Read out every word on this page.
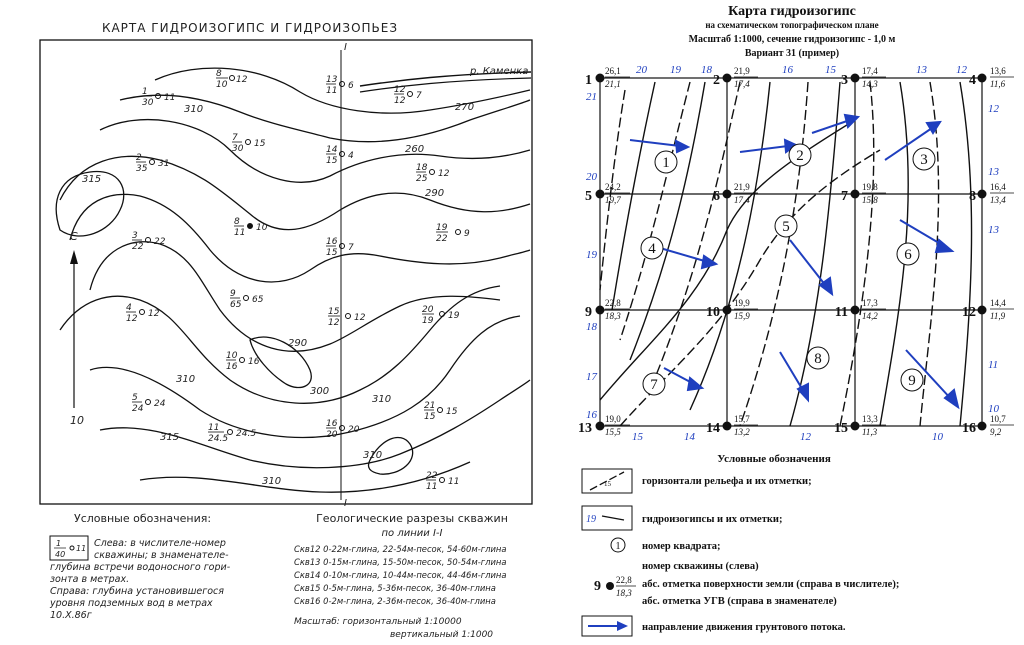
КАРТА ГИДРОИЗОГИПС И ГИДРОИЗОПЬЕЗ
р. Каменка
I
I
310	270
260
290
315
310
300
290
310
315
310
310
С
10
8
10 12	13
11 6	12
12 7
1
30 11
2
35 31
3
22 22
4
12 12
7
30 15
14
15 4
18
25 12
8
11 10	19
22 9
16
15 7
9
65 65
15
12 12
20
19 19
10
16 16
5
24 24	21
15 15
16
20 20
11
24.5 24.5
22
11 11
Условные обозначения:
1
40
11 Слева: в числителе-номер
скважины; в знаменателе-
глубина встречи водоносного гори-
зонта в метрах.
Справа: глубина установившегося
уровня подземных вод в метрах
10.X.86г
Геологические разрезы скважин
по линии I-I
Скв12 0-22м-глина, 22-54м-песок, 54-60м-глина
Скв13 0-15м-глина, 15-50м-песок, 50-54м-глина
Скв14 0-10м-глина, 10-44м-песок, 44-46м-глина
Скв15 0-5м-глина, 5-36м-песок, 36-40м-глина
Скв16 0-2м-глина, 2-36м-песок, 36-40м-глина
Масштаб: горизонтальный 1:10000
вертикальный 1:1000
Карта гидроизогипс
на схематическом топографическом плане
Масштаб 1:1000, сечение гидроизогипс - 1,0 м
Вариант 31 (пример)
1	2	3
4
5
6
7
8
9
1
26,1
21,1	2
21,9
17,4	3
17,4
14,3	4
13,6
11,6
5
24,2
19,7	6
21,9
17,4	7
19,8
15,8	8
16,4
13,4
9
22,8
18,3	10
19,9
15,9	11
17,3
14,2	12
14,4
11,9
13
19,0
15,5	14
15,7
13,2	15
13,3
11,3	16
10,7
9,2
20 19 18	16	15	13	12
21
20
19
18
17
16
15	14	12	10
13
12
13
11
10
Условные обозначения
15	горизонтали рельефа и их отметки;
19	гидроизогипсы и их отметки;
1 номер квадрата;
номер скважины (слева)
9 22,8
18,3
абс. отметка поверхности земли (справа в числителе);
абс. отметка УГВ (справа в знаменателе)
направление движения грунтового потока.
